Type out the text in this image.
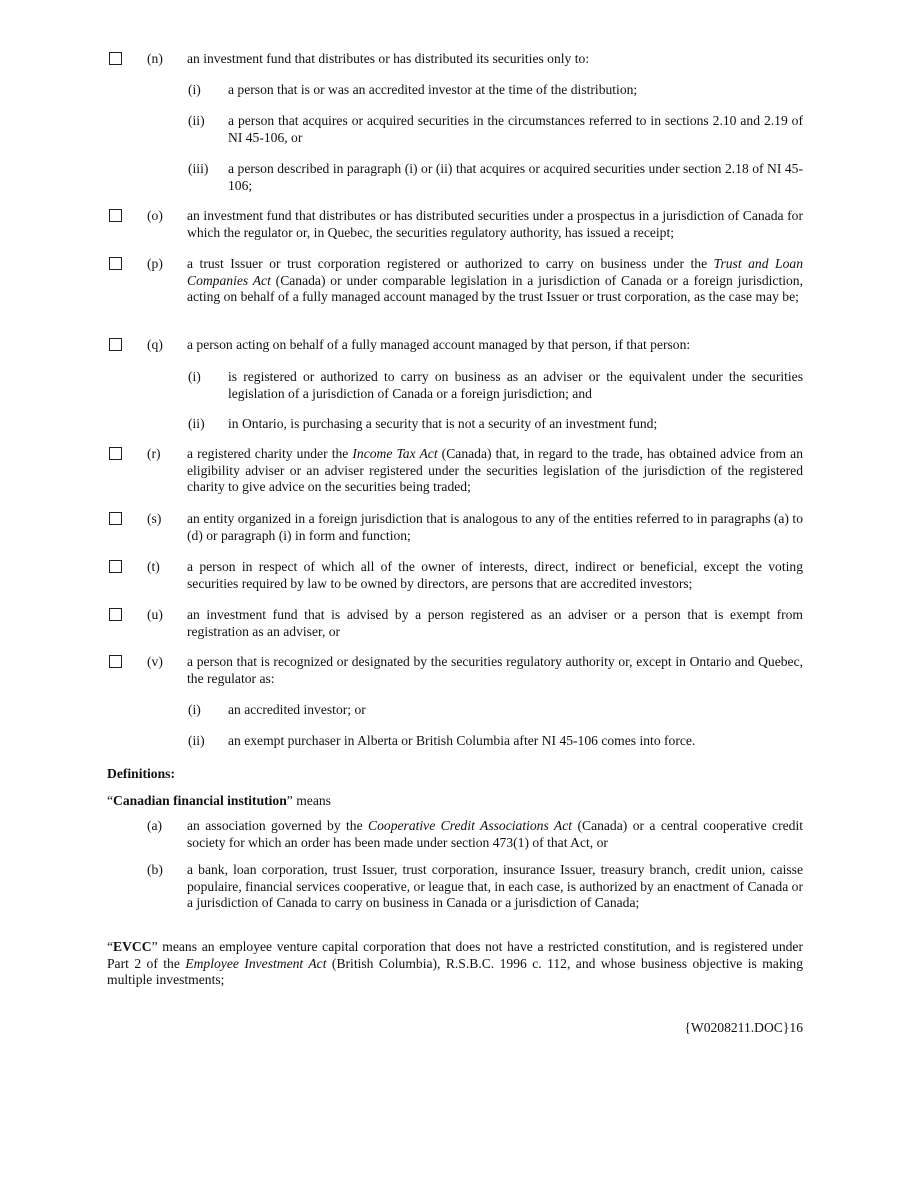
(n) an investment fund that distributes or has distributed its securities only to:
(i) a person that is or was an accredited investor at the time of the distribution;
(ii) a person that acquires or acquired securities in the circumstances referred to in sections 2.10 and 2.19 of NI 45-106, or
(iii) a person described in paragraph (i) or (ii) that acquires or acquired securities under section 2.18 of NI 45-106;
(o) an investment fund that distributes or has distributed securities under a prospectus in a jurisdiction of Canada for which the regulator or, in Quebec, the securities regulatory authority, has issued a receipt;
(p) a trust Issuer or trust corporation registered or authorized to carry on business under the Trust and Loan Companies Act (Canada) or under comparable legislation in a jurisdiction of Canada or a foreign jurisdiction, acting on behalf of a fully managed account managed by the trust Issuer or trust corporation, as the case may be;
(q) a person acting on behalf of a fully managed account managed by that person, if that person:
(i) is registered or authorized to carry on business as an adviser or the equivalent under the securities legislation of a jurisdiction of Canada or a foreign jurisdiction; and
(ii) in Ontario, is purchasing a security that is not a security of an investment fund;
(r) a registered charity under the Income Tax Act (Canada) that, in regard to the trade, has obtained advice from an eligibility adviser or an adviser registered under the securities legislation of the jurisdiction of the registered charity to give advice on the securities being traded;
(s) an entity organized in a foreign jurisdiction that is analogous to any of the entities referred to in paragraphs (a) to (d) or paragraph (i) in form and function;
(t) a person in respect of which all of the owner of interests, direct, indirect or beneficial, except the voting securities required by law to be owned by directors, are persons that are accredited investors;
(u) an investment fund that is advised by a person registered as an adviser or a person that is exempt from registration as an adviser, or
(v) a person that is recognized or designated by the securities regulatory authority or, except in Ontario and Quebec, the regulator as:
(i) an accredited investor; or
(ii) an exempt purchaser in Alberta or British Columbia after NI 45-106 comes into force.
Definitions:
“Canadian financial institution” means
(a) an association governed by the Cooperative Credit Associations Act (Canada) or a central cooperative credit society for which an order has been made under section 473(1) of that Act, or
(b) a bank, loan corporation, trust Issuer, trust corporation, insurance Issuer, treasury branch, credit union, caisse populaire, financial services cooperative, or league that, in each case, is authorized by an enactment of Canada or a jurisdiction of Canada to carry on business in Canada or a jurisdiction of Canada;
“EVCC” means an employee venture capital corporation that does not have a restricted constitution, and is registered under Part 2 of the Employee Investment Act (British Columbia), R.S.B.C. 1996 c. 112, and whose business objective is making multiple investments;
{W0208211.DOC}16
